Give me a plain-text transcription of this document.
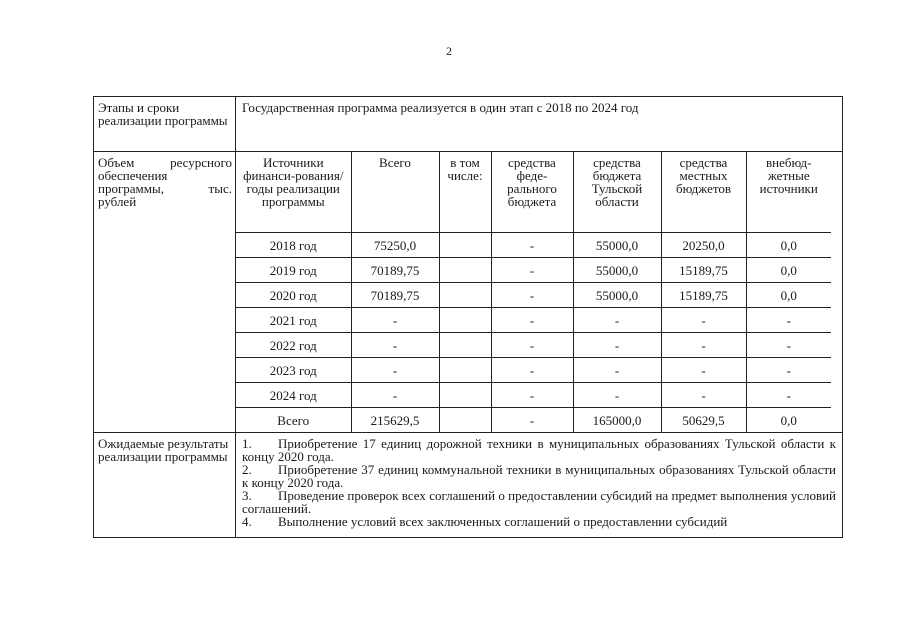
2
Этапы и сроки реализации программы	Государственная программа реализуется в один этап с 2018 по 2024 год
Объем ресурсного обеспечения программы, тыс. рублей	
Источники финанси-рования/ годы реализации программы	Всего	в том числе:	средства феде-рального бюджета	средства бюджета Тульской области	средства местных бюджетов	внебюд-жетные источники
2018 год	75250,0		-	55000,0	20250,0	0,0
2019 год	70189,75		-	55000,0	15189,75	0,0
2020 год	70189,75		-	55000,0	15189,75	0,0
2021 год	-		-	-	-	-
2022 год	-		-	-	-	-
2023 год	-		-	-	-	-
2024 год	-		-	-	-	-
Всего	215629,5		-	165000,0	50629,5	0,0

Ожидаемые результаты реализации программы	

1. Приобретение 17 единиц дорожной техники в муниципальных образованиях Тульской области к концу 2020 года.

2. Приобретение 37 единиц коммунальной техники в муниципальных образованиях Тульской области к концу 2020 года.

3. Проведение проверок всех соглашений о предоставлении субсидий на предмет выполнения условий соглашений.

4. Выполнение условий всех заключенных соглашений о предоставлении субсидий
